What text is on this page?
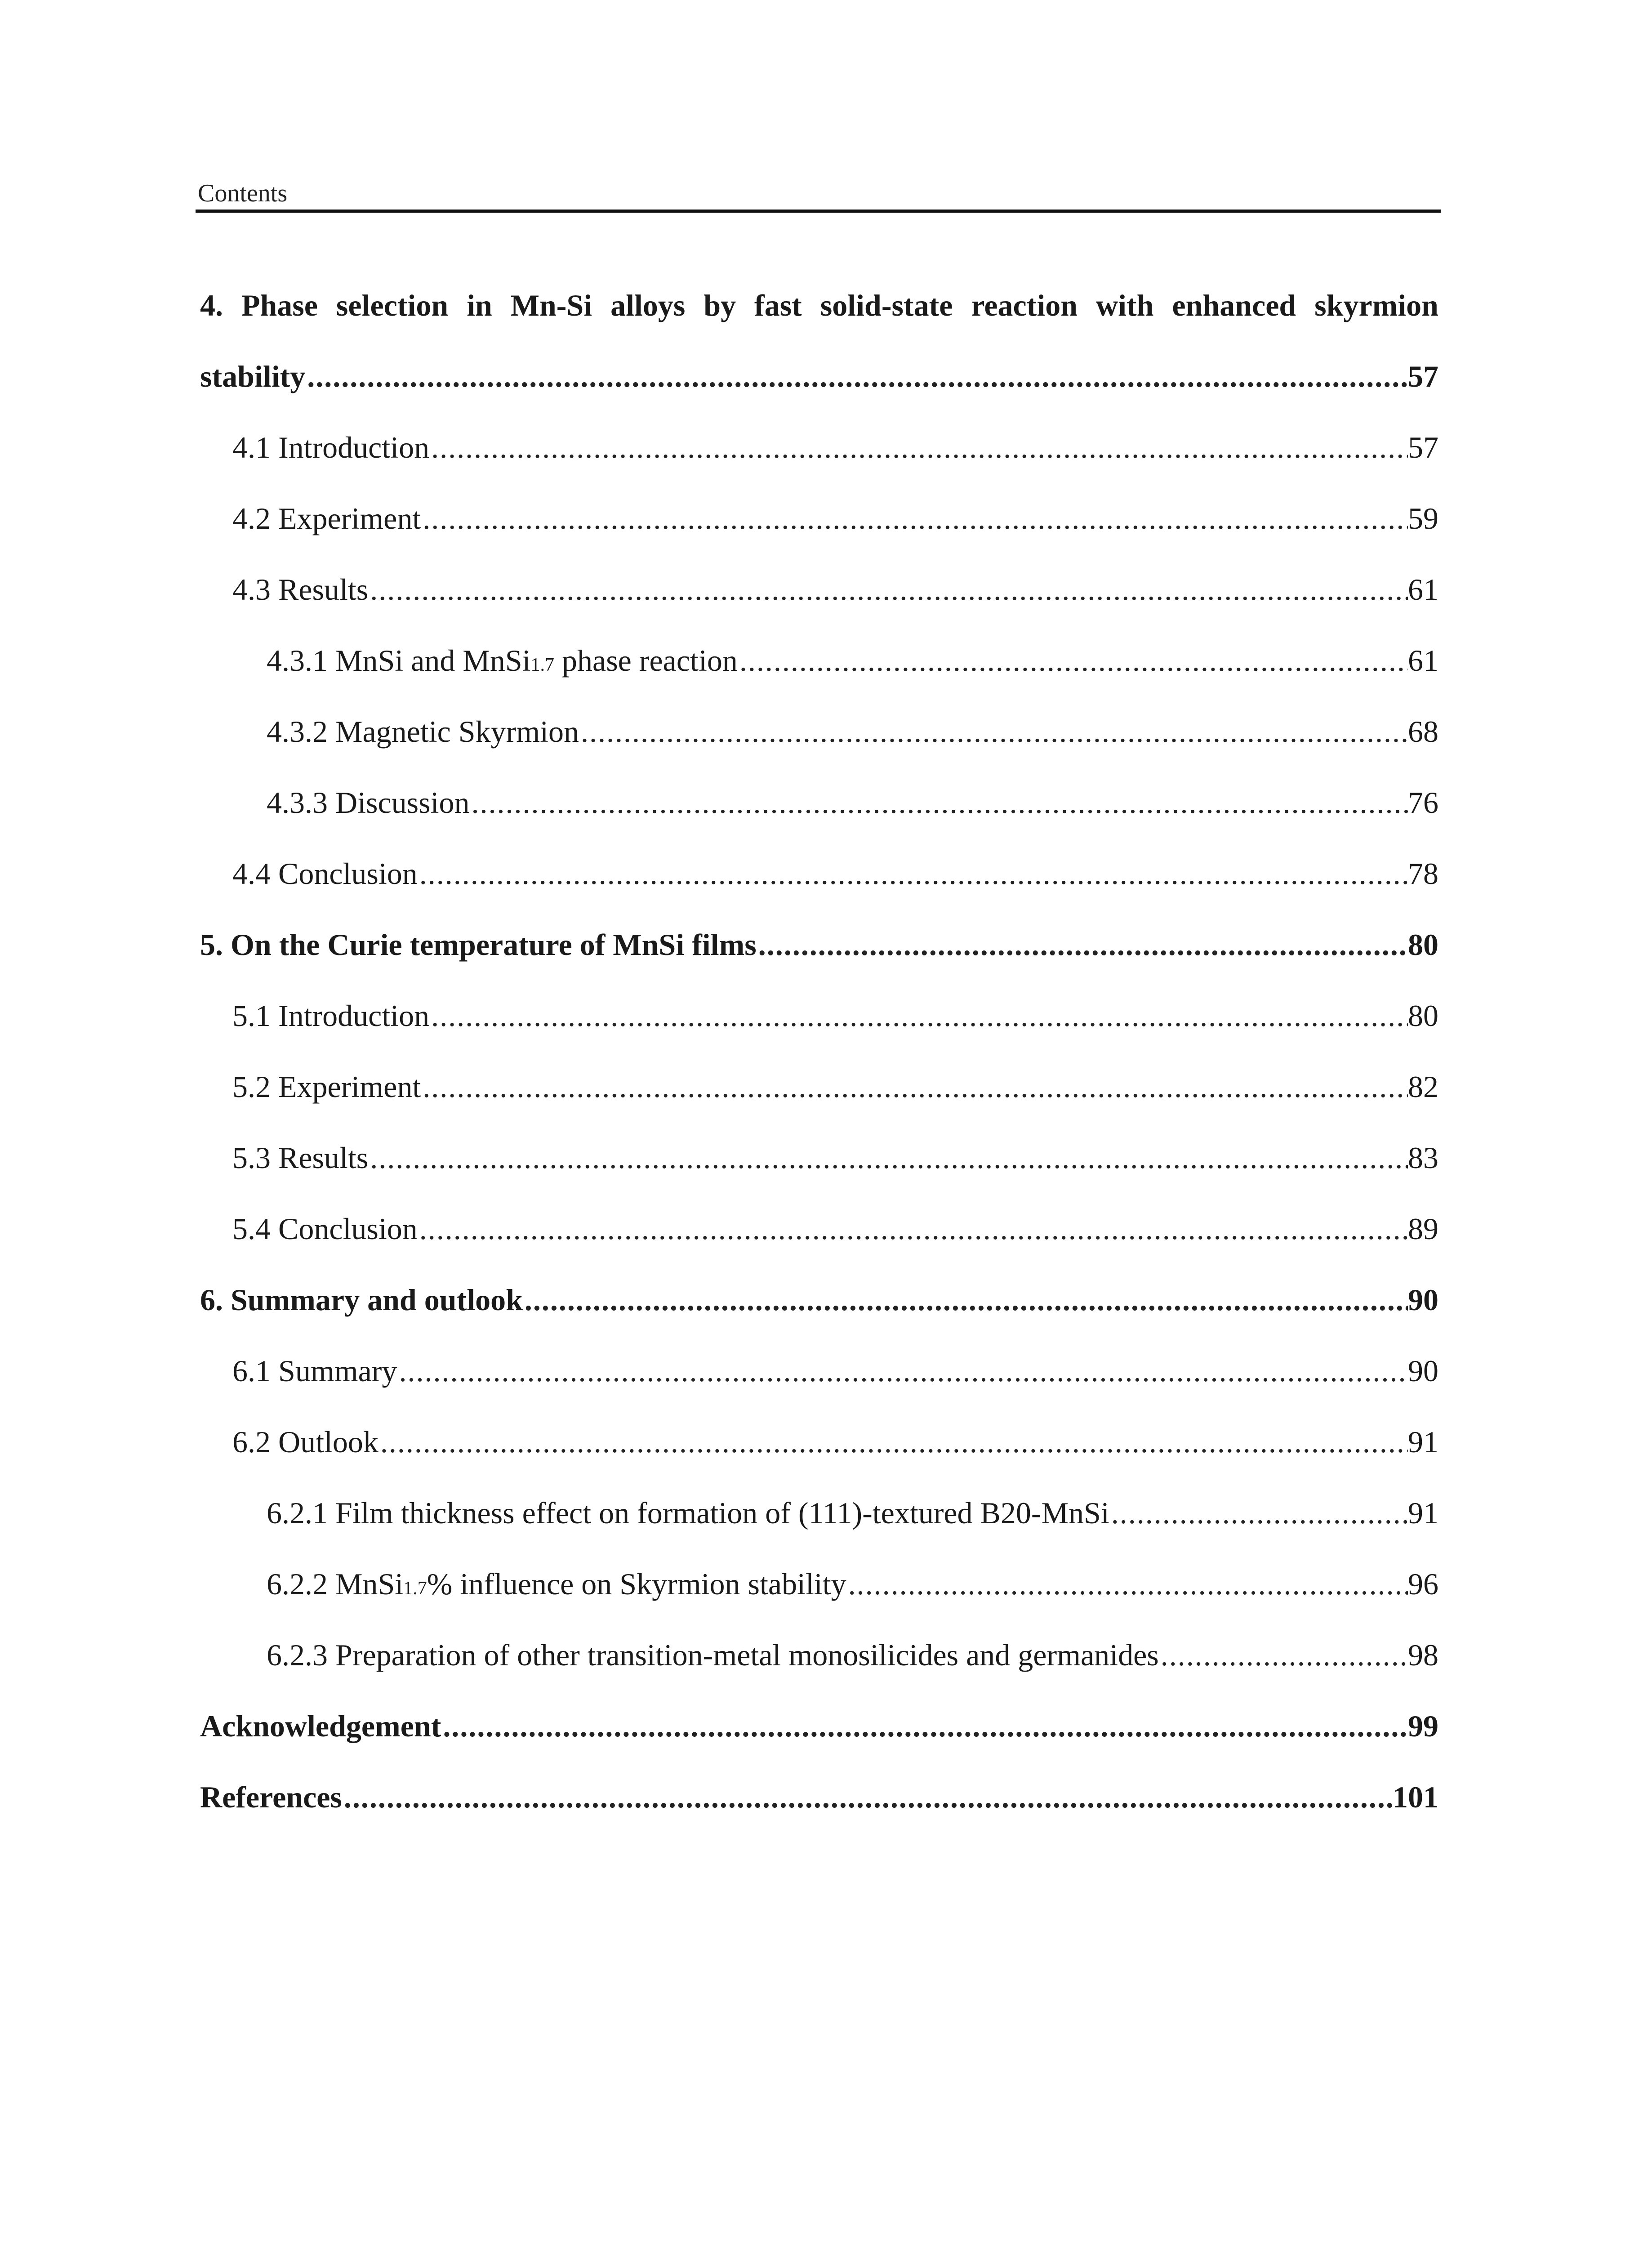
Contents
4. Phase selection in Mn-Si alloys by fast solid-state reaction with enhanced skyrmion
stability .....	57
4.1 Introduction .....	57
4.2 Experiment .....	59
4.3 Results .....	61
4.3.1 MnSi and MnSi1.7 phase reaction .....	61
4.3.2 Magnetic Skyrmion .....	68
4.3.3 Discussion .....	76
4.4 Conclusion .....	78
5. On the Curie temperature of MnSi films .....	80
5.1 Introduction .....	80
5.2 Experiment .....	82
5.3 Results .....	83
5.4 Conclusion .....	89
6. Summary and outlook .....	90
6.1 Summary .....	90
6.2 Outlook .....	91
6.2.1 Film thickness effect on formation of (111)-textured B20-MnSi .....	91
6.2.2 MnSi1.7% influence on Skyrmion stability .....	96
6.2.3 Preparation of other transition-metal monosilicides and germanides .....	98
Acknowledgement .....	99
References .....	101
